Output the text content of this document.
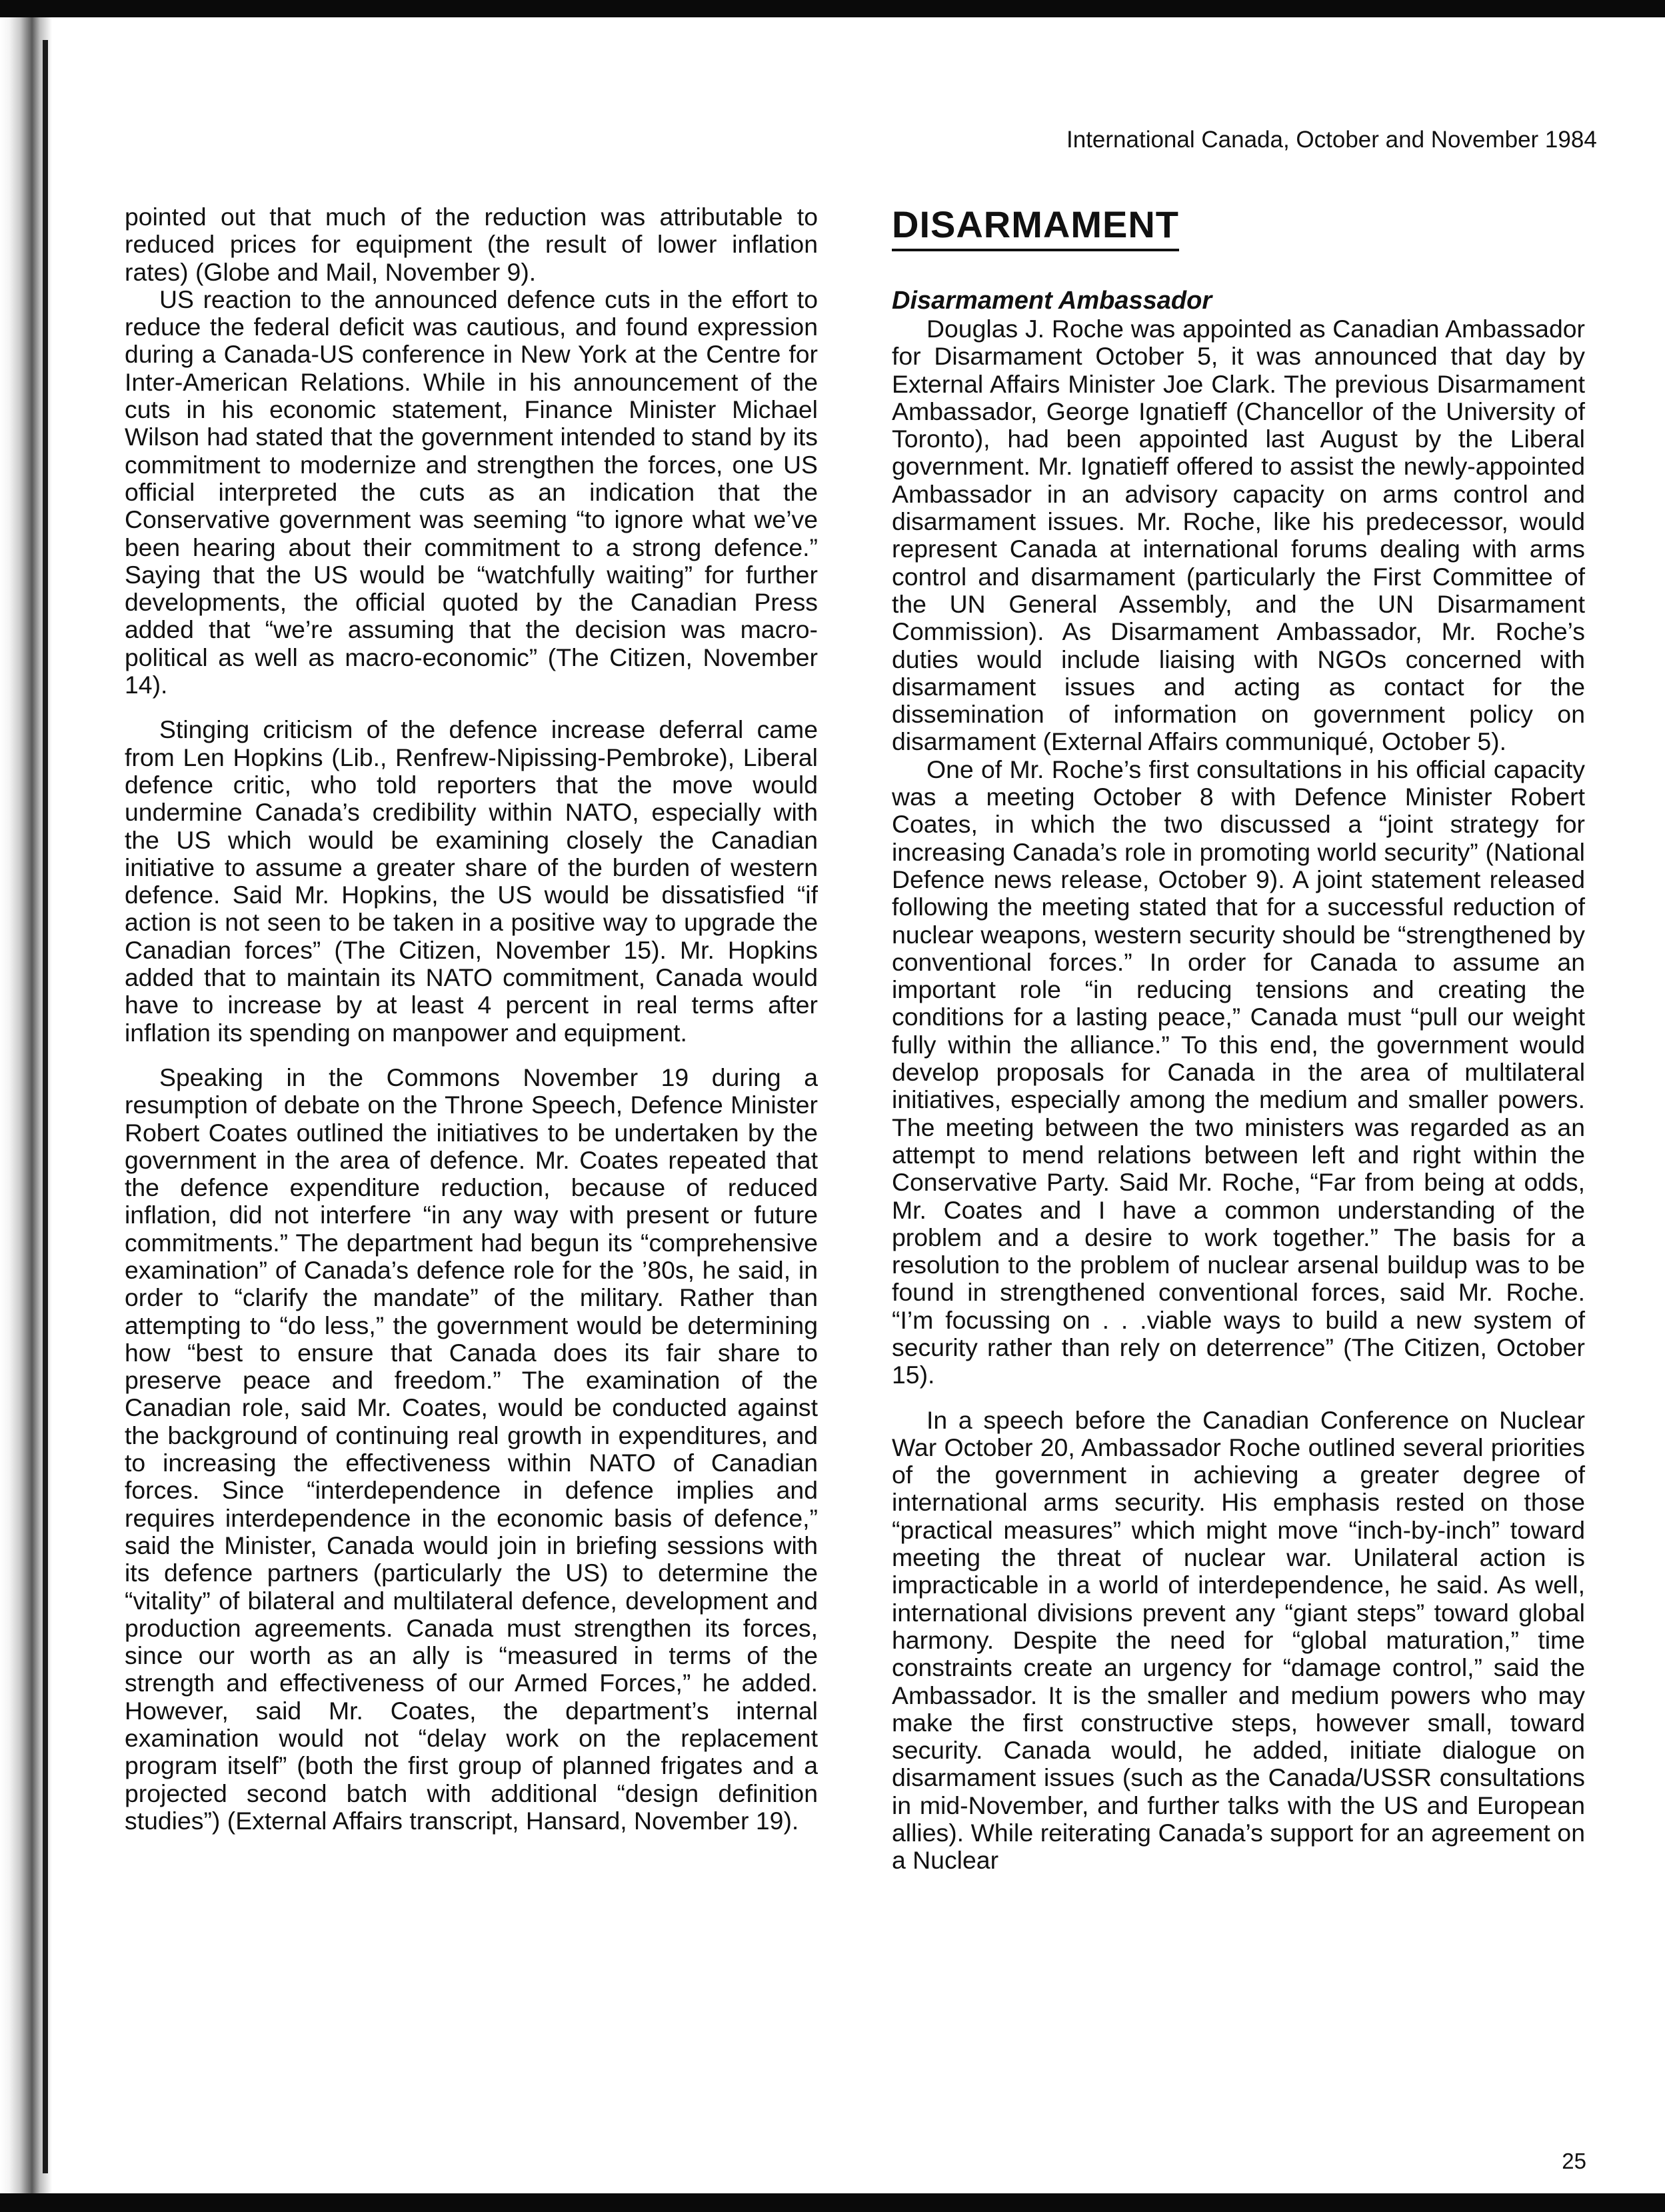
International Canada, October and November 1984

pointed out that much of the reduction was attributable to reduced prices for equipment (the result of lower inflation rates) (Globe and Mail, November 9).

US reaction to the announced defence cuts in the effort to reduce the federal deficit was cautious, and found expression during a Canada-US conference in New York at the Centre for Inter-American Relations. While in his announcement of the cuts in his economic statement, Finance Minister Michael Wilson had stated that the government intended to stand by its commitment to modernize and strengthen the forces, one US official interpreted the cuts as an indication that the Conservative government was seeming “to ignore what we’ve been hearing about their commitment to a strong defence.” Saying that the US would be “watchfully waiting” for further developments, the official quoted by the Canadian Press added that “we’re assuming that the decision was macro-political as well as macro-economic” (The Citizen, November 14).

Stinging criticism of the defence increase deferral came from Len Hopkins (Lib., Renfrew-Nipissing-Pembroke), Liberal defence critic, who told reporters that the move would undermine Canada’s credibility within NATO, especially with the US which would be examining closely the Canadian initiative to assume a greater share of the burden of western defence. Said Mr. Hopkins, the US would be dissatisfied “if action is not seen to be taken in a positive way to upgrade the Canadian forces” (The Citizen, November 15). Mr. Hopkins added that to maintain its NATO commitment, Canada would have to increase by at least 4 percent in real terms after inflation its spending on manpower and equipment.

Speaking in the Commons November 19 during a resumption of debate on the Throne Speech, Defence Minister Robert Coates outlined the initiatives to be undertaken by the government in the area of defence. Mr. Coates repeated that the defence expenditure reduction, because of reduced inflation, did not interfere “in any way with present or future commitments.” The department had begun its “comprehensive examination” of Canada’s defence role for the ’80s, he said, in order to “clarify the mandate” of the military. Rather than attempting to “do less,” the government would be determining how “best to ensure that Canada does its fair share to preserve peace and freedom.” The examination of the Canadian role, said Mr. Coates, would be conducted against the background of continuing real growth in expenditures, and to increasing the effectiveness within NATO of Canadian forces. Since “interdependence in defence implies and requires interdependence in the economic basis of defence,” said the Minister, Canada would join in briefing sessions with its defence partners (particularly the US) to determine the “vitality” of bilateral and multilateral defence, development and production agreements. Canada must strengthen its forces, since our worth as an ally is “measured in terms of the strength and effectiveness of our Armed Forces,” he added. However, said Mr. Coates, the department’s internal examination would not “delay work on the replacement program itself” (both the first group of planned frigates and a projected second batch with additional “design definition studies”) (External Affairs transcript, Hansard, November 19).

DISARMAMENT
Disarmament Ambassador

Douglas J. Roche was appointed as Canadian Ambassador for Disarmament October 5, it was announced that day by External Affairs Minister Joe Clark. The previous Disarmament Ambassador, George Ignatieff (Chancellor of the University of Toronto), had been appointed last August by the Liberal government. Mr. Ignatieff offered to assist the newly-appointed Ambassador in an advisory capacity on arms control and disarmament issues. Mr. Roche, like his predecessor, would represent Canada at international forums dealing with arms control and disarmament (particularly the First Committee of the UN General Assembly, and the UN Disarmament Commission). As Disarmament Ambassador, Mr. Roche’s duties would include liaising with NGOs concerned with disarmament issues and acting as contact for the dissemination of information on government policy on disarmament (External Affairs communiqué, October 5).

One of Mr. Roche’s first consultations in his official capacity was a meeting October 8 with Defence Minister Robert Coates, in which the two discussed a “joint strategy for increasing Canada’s role in promoting world security” (National Defence news release, October 9). A joint statement released following the meeting stated that for a successful reduction of nuclear weapons, western security should be “strengthened by conventional forces.” In order for Canada to assume an important role “in reducing tensions and creating the conditions for a lasting peace,” Canada must “pull our weight fully within the alliance.” To this end, the government would develop proposals for Canada in the area of multilateral initiatives, especially among the medium and smaller powers. The meeting between the two ministers was regarded as an attempt to mend relations between left and right within the Conservative Party. Said Mr. Roche, “Far from being at odds, Mr. Coates and I have a common understanding of the problem and a desire to work together.” The basis for a resolution to the problem of nuclear arsenal buildup was to be found in strengthened conventional forces, said Mr. Roche. “I’m focussing on . . .viable ways to build a new system of security rather than rely on deterrence” (The Citizen, October 15).

In a speech before the Canadian Conference on Nuclear War October 20, Ambassador Roche outlined several priorities of the government in achieving a greater degree of international arms security. His emphasis rested on those “practical measures” which might move “inch-by-inch” toward meeting the threat of nuclear war. Unilateral action is impracticable in a world of interdependence, he said. As well, international divisions prevent any “giant steps” toward global harmony. Despite the need for “global maturation,” time constraints create an urgency for “damage control,” said the Ambassador. It is the smaller and medium powers who may make the first constructive steps, however small, toward security. Canada would, he added, initiate dialogue on disarmament issues (such as the Canada/USSR consultations in mid-November, and further talks with the US and European allies). While reiterating Canada’s support for an agreement on a Nuclear

25
